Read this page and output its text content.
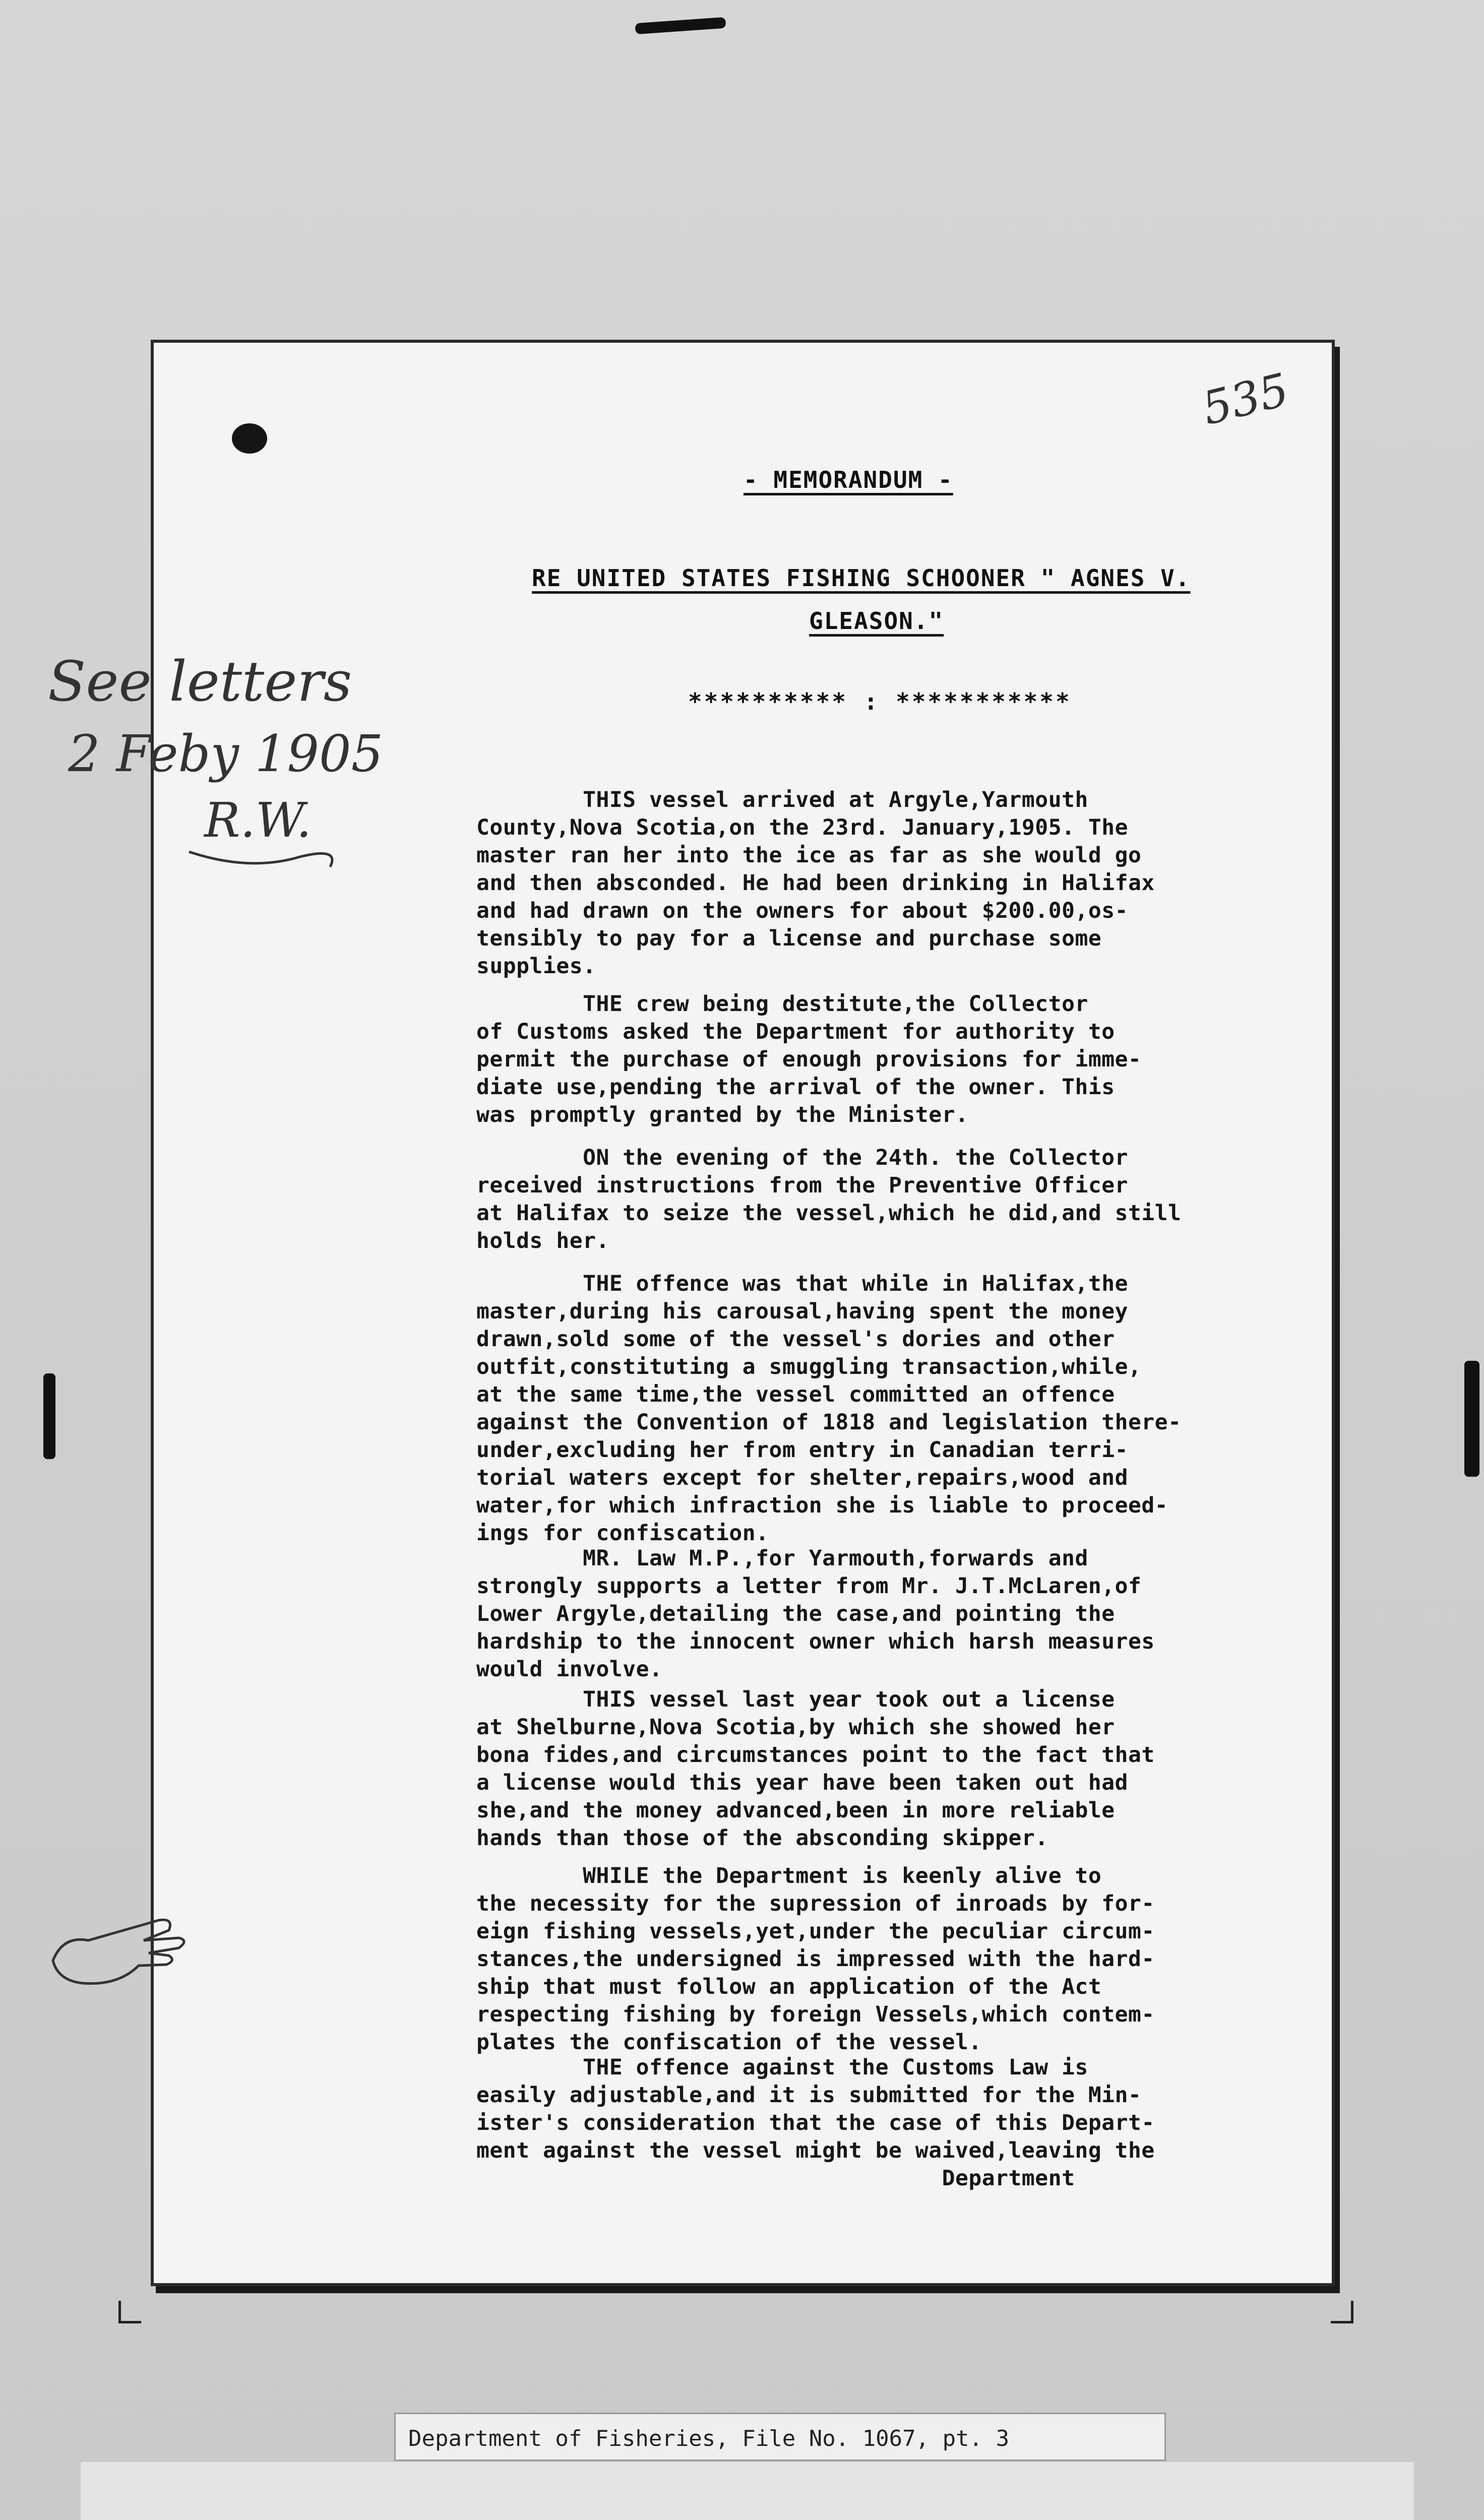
535
- MEMORANDUM -
RE UNITED STATES FISHING SCHOONER " AGNES V.
GLEASON."
********** : ***********
See letters
2 Feby 1905
R.W.	THIS vessel arrived at Argyle,Yarmouth
County,Nova Scotia,on the 23rd. January,1905. The
master ran her into the ice as far as she would go
and then absconded. He had been drinking in Halifax
and had drawn on the owners for about $200.00,os-
tensibly to pay for a license and purchase some
supplies.
THE crew being destitute,the Collector
of Customs asked the Department for authority to
permit the purchase of enough provisions for imme-
diate use,pending the arrival of the owner. This
was promptly granted by the Minister.
ON the evening of the 24th. the Collector
received instructions from the Preventive Officer
at Halifax to seize the vessel,which he did,and still
holds her.
THE offence was that while in Halifax,the
master,during his carousal,having spent the money
drawn,sold some of the vessel's dories and other
outfit,constituting a smuggling transaction,while,
at the same time,the vessel committed an offence
against the Convention of 1818 and legislation there-
under,excluding her from entry in Canadian terri-
torial waters except for shelter,repairs,wood and
water,for which infraction she is liable to proceed-
ings for confiscation.
MR. Law M.P.,for Yarmouth,forwards and
strongly supports a letter from Mr. J.T.McLaren,of
Lower Argyle,detailing the case,and pointing the
hardship to the innocent owner which harsh measures
would involve.
THIS vessel last year took out a license
at Shelburne,Nova Scotia,by which she showed her
bona fides,and circumstances point to the fact that
a license would this year have been taken out had
she,and the money advanced,been in more reliable
hands than those of the absconding skipper.
WHILE the Department is keenly alive to
the necessity for the supression of inroads by for-
eign fishing vessels,yet,under the peculiar circum-
stances,the undersigned is impressed with the hard-
ship that must follow an application of the Act
respecting fishing by foreign Vessels,which contem-
plates the confiscation of the vessel.
THE offence against the Customs Law is
easily adjustable,and it is submitted for the Min-
ister's consideration that the case of this Depart-
ment against the vessel might be waived,leaving the
Department
Department of Fisheries, File No. 1067, pt. 3
